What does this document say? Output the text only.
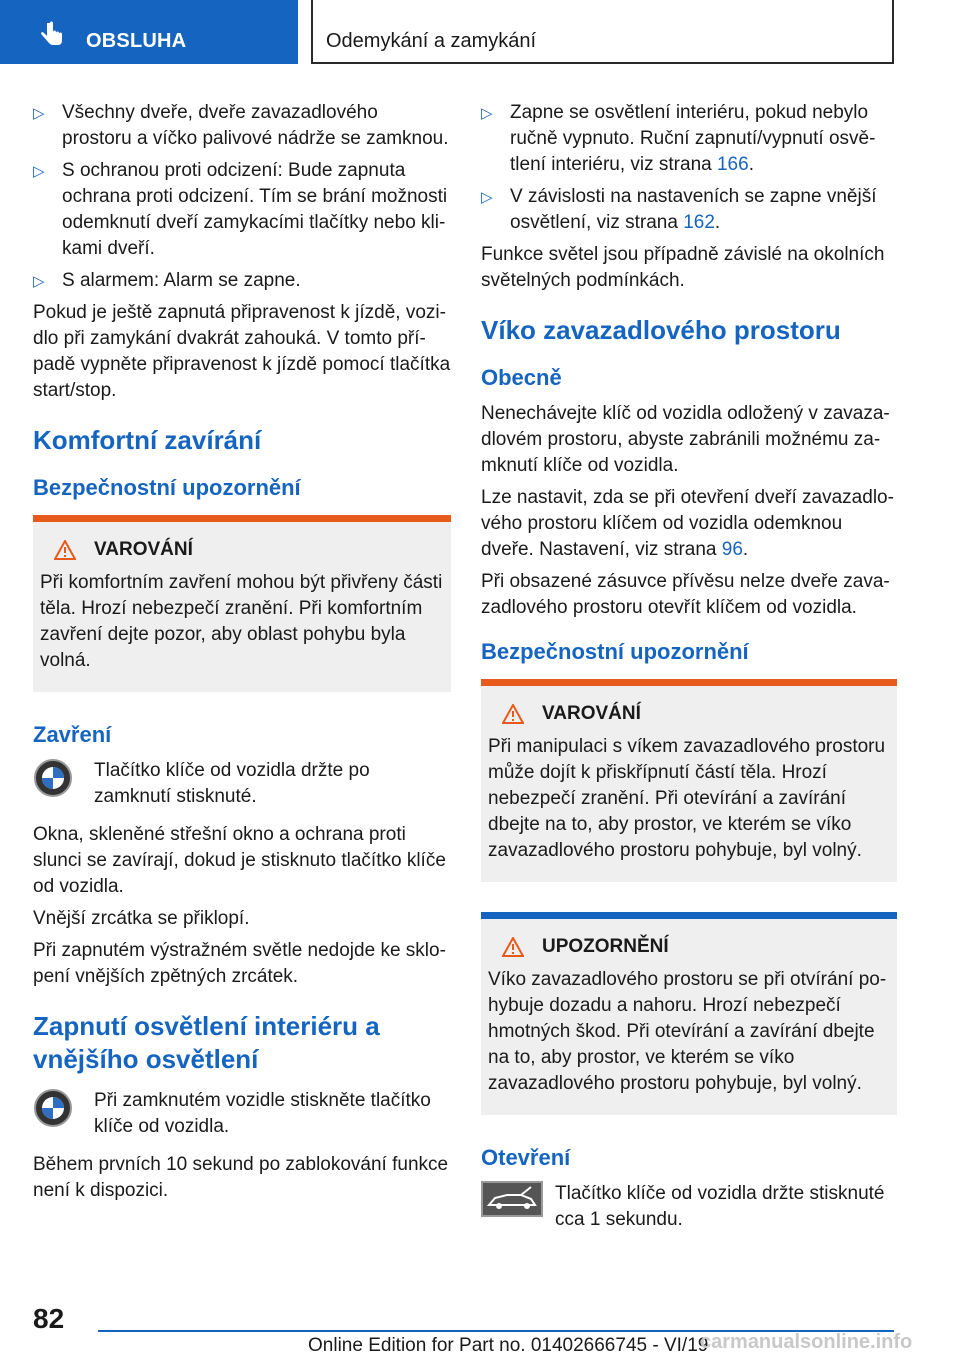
OBSLUHA	Odemykání a zamykání
▷ Všechny dveře, dveře zavazadlového prostoru a víčko palivové nádrže se zamknou.
▷ S ochranou proti odcizení: Bude zapnuta ochrana proti odcizení. Tím se brání možnosti odemknutí dveří zamykacími tlačítky nebo klikami dveří.
▷ S alarmem: Alarm se zapne.

Pokud je ještě zapnutá připravenost k jízdě, vozidlo při zamykání dvakrát zahouká. V tomto případě vypněte připravenost k jízdě pomocí tlačítka start/stop.

Komfortní zavírání
Bezpečnostní upozornění
VAROVÁNÍ
Při komfortním zavření mohou být přivřeny části těla. Hrozí nebezpečí zranění. Při komfortním zavření dejte pozor, aby oblast pohybu byla volná.
Zavření
Tlačítko klíče od vozidla držte po zamknutí stisknuté.

Okna, skleněné střešní okno a ochrana proti slunci se zavírají, dokud je stisknuto tlačítko klíče od vozidla.

Vnější zrcátka se přiklopí.

Při zapnutém výstražném světle nedojde ke sklopení vnějších zpětných zrcátek.

Zapnutí osvětlení interiéru a vnějšího osvětlení
Při zamknutém vozidle stiskněte tlačítko klíče od vozidla.

Během prvních 10 sekund po zablokování funkce není k dispozici.

▷ Zapne se osvětlení interiéru, pokud nebylo ručně vypnuto. Ruční zapnutí/vypnutí osvětlení interiéru, viz strana 166.
▷ V závislosti na nastaveních se zapne vnější osvětlení, viz strana 162.

Funkce světel jsou případně závislé na okolních světelných podmínkách.

Víko zavazadlového prostoru
Obecně

Nenechávejte klíč od vozidla odložený v zavazadlovém prostoru, abyste zabránili možnému zamknutí klíče od vozidla.

Lze nastavit, zda se při otevření dveří zavazadlového prostoru klíčem od vozidla odemknou dveře. Nastavení, viz strana 96.

Při obsazené zásuvce přívěsu nelze dveře zavazadlového prostoru otevřít klíčem od vozidla.

Bezpečnostní upozornění
VAROVÁNÍ
Při manipulaci s víkem zavazadlového prostoru může dojít k přiskřípnutí částí těla. Hrozí nebezpečí zranění. Při otevírání a zavírání dbejte na to, aby prostor, ve kterém se víko zavazadlového prostoru pohybuje, byl volný.
UPOZORNĚNÍ
Víko zavazadlového prostoru se při otvírání pohybuje dozadu a nahoru. Hrozí nebezpečí hmotných škod. Při otevírání a zavírání dbejte na to, aby prostor, ve kterém se víko zavazadlového prostoru pohybuje, byl volný.
Otevření
Tlačítko klíče od vozidla držte stisknuté cca 1 sekundu.
82
Online Edition for Part no. 01402666745 - VI/19
carmanualsonline.info
